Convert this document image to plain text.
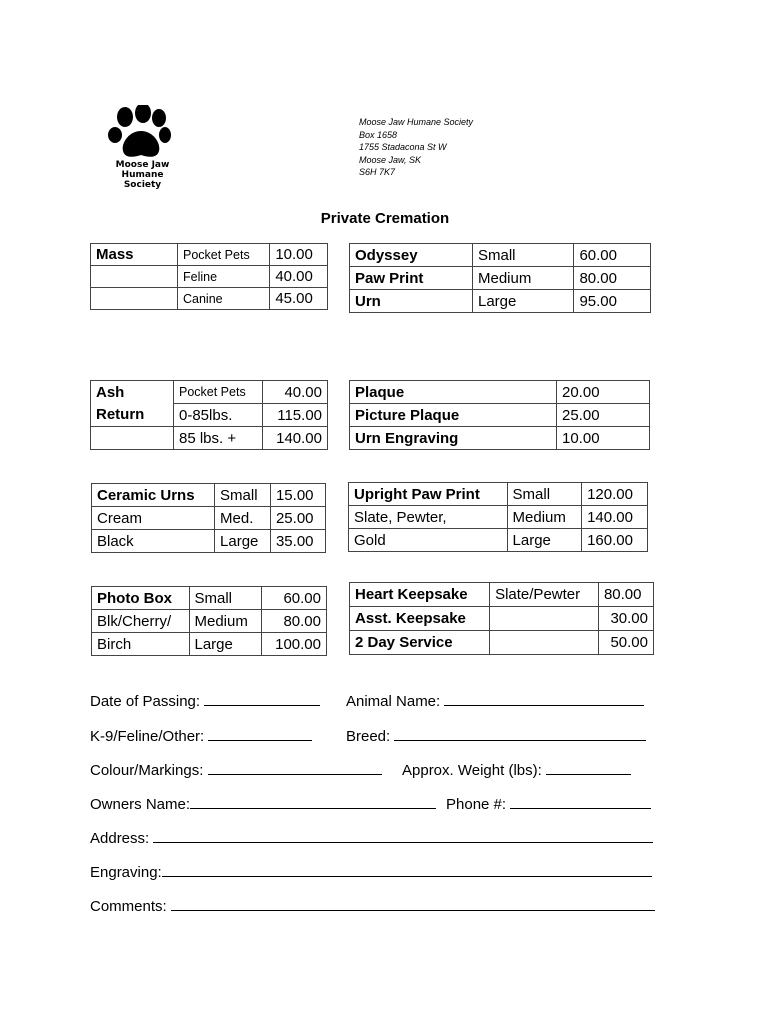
Moose Jaw
Humane Society
Moose Jaw Humane Society
Box 1658
1755 Stadacona St W
Moose Jaw, SK
S6H 7K7
Private Cremation
Mass	Pocket Pets	10.00
	Feline	40.00
	Canine	45.00
Odyssey	Small	60.00
Paw Print	Medium	80.00
Urn	Large	95.00
Ash	Pocket Pets	40.00
Return	0-85lbs.	115.00
	85 lbs. +	140.00
Plaque	20.00
Picture Plaque	25.00
Urn Engraving	10.00
Ceramic Urns	Small	15.00
Cream	Med.	25.00
Black	Large	35.00
Upright Paw Print	Small	120.00
Slate, Pewter,	Medium	140.00
Gold	Large	160.00
Photo Box	Small	60.00
Blk/Cherry/	Medium	80.00
Birch	Large	100.00
Heart Keepsake	Slate/Pewter	80.00
Asst. Keepsake		30.00
2 Day Service		50.00
Date of Passing:	Animal Name:
K-9/Feline/Other:	Breed:
Colour/Markings:	Approx. Weight (lbs):
Owners Name:	Phone #:
Address:
Engraving:
Comments:
